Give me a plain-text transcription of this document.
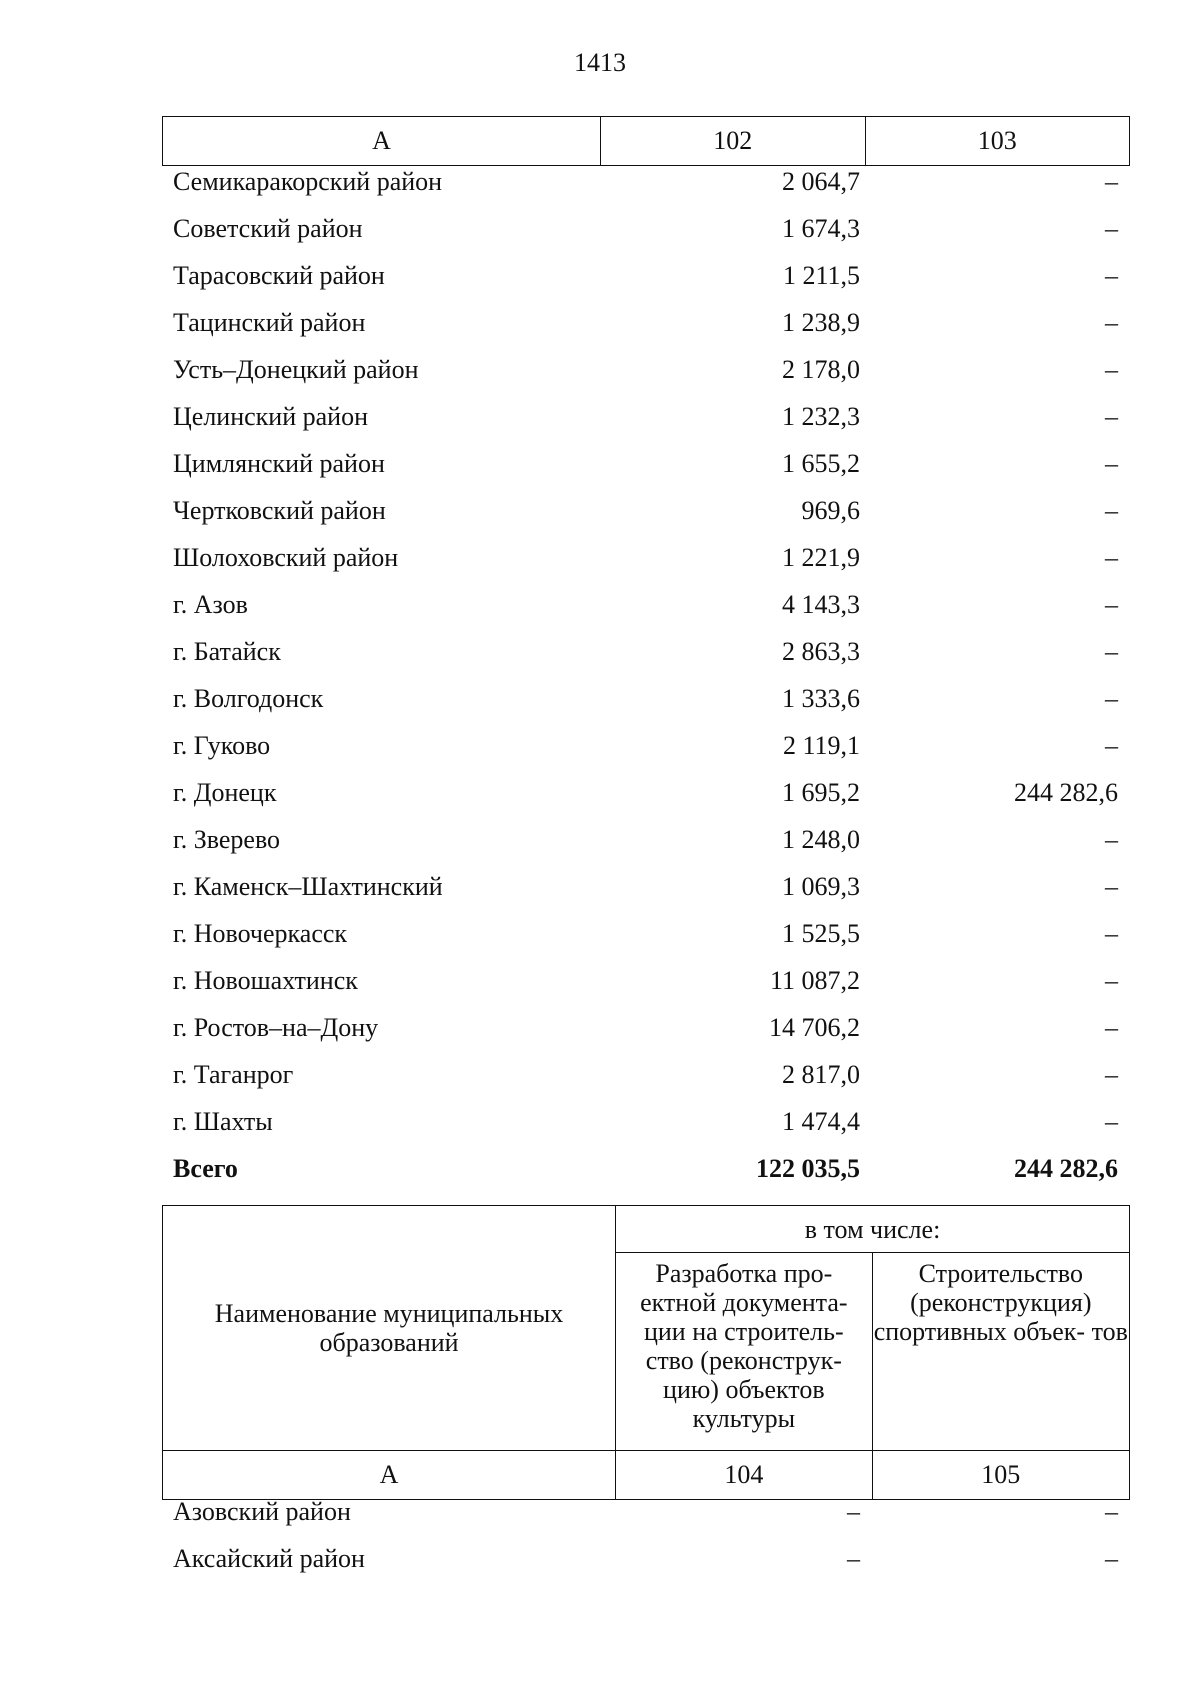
1413
А	102	103
Семикаракорский район	2 064,7	–
Советский район	1 674,3	–
Тарасовский район	1 211,5	–
Тацинский район	1 238,9	–
Усть–Донецкий район	2 178,0	–
Целинский район	1 232,3	–
Цимлянский район	1 655,2	–
Чертковский район	969,6	–
Шолоховский район	1 221,9	–
г. Азов	4 143,3	–
г. Батайск	2 863,3	–
г. Волгодонск	1 333,6	–
г. Гуково	2 119,1	–
г. Донецк	1 695,2	244 282,6
г. Зверево	1 248,0	–
г. Каменск–Шахтинский	1 069,3	–
г. Новочеркасск	1 525,5	–
г. Новошахтинск	11 087,2	–
г. Ростов–на–Дону	14 706,2	–
г. Таганрог	2 817,0	–
г. Шахты	1 474,4	–
Всего	122 035,5	244 282,6
Наименование муниципальных образований	в том числе:	
	Разработка про- ектной документа- ции на строитель- ство (реконструк- цию) объектов культуры	Строительство (реконструкция) спортивных объек- тов
А	104	105
Азовский район	–	–
Аксайский район	–	–
